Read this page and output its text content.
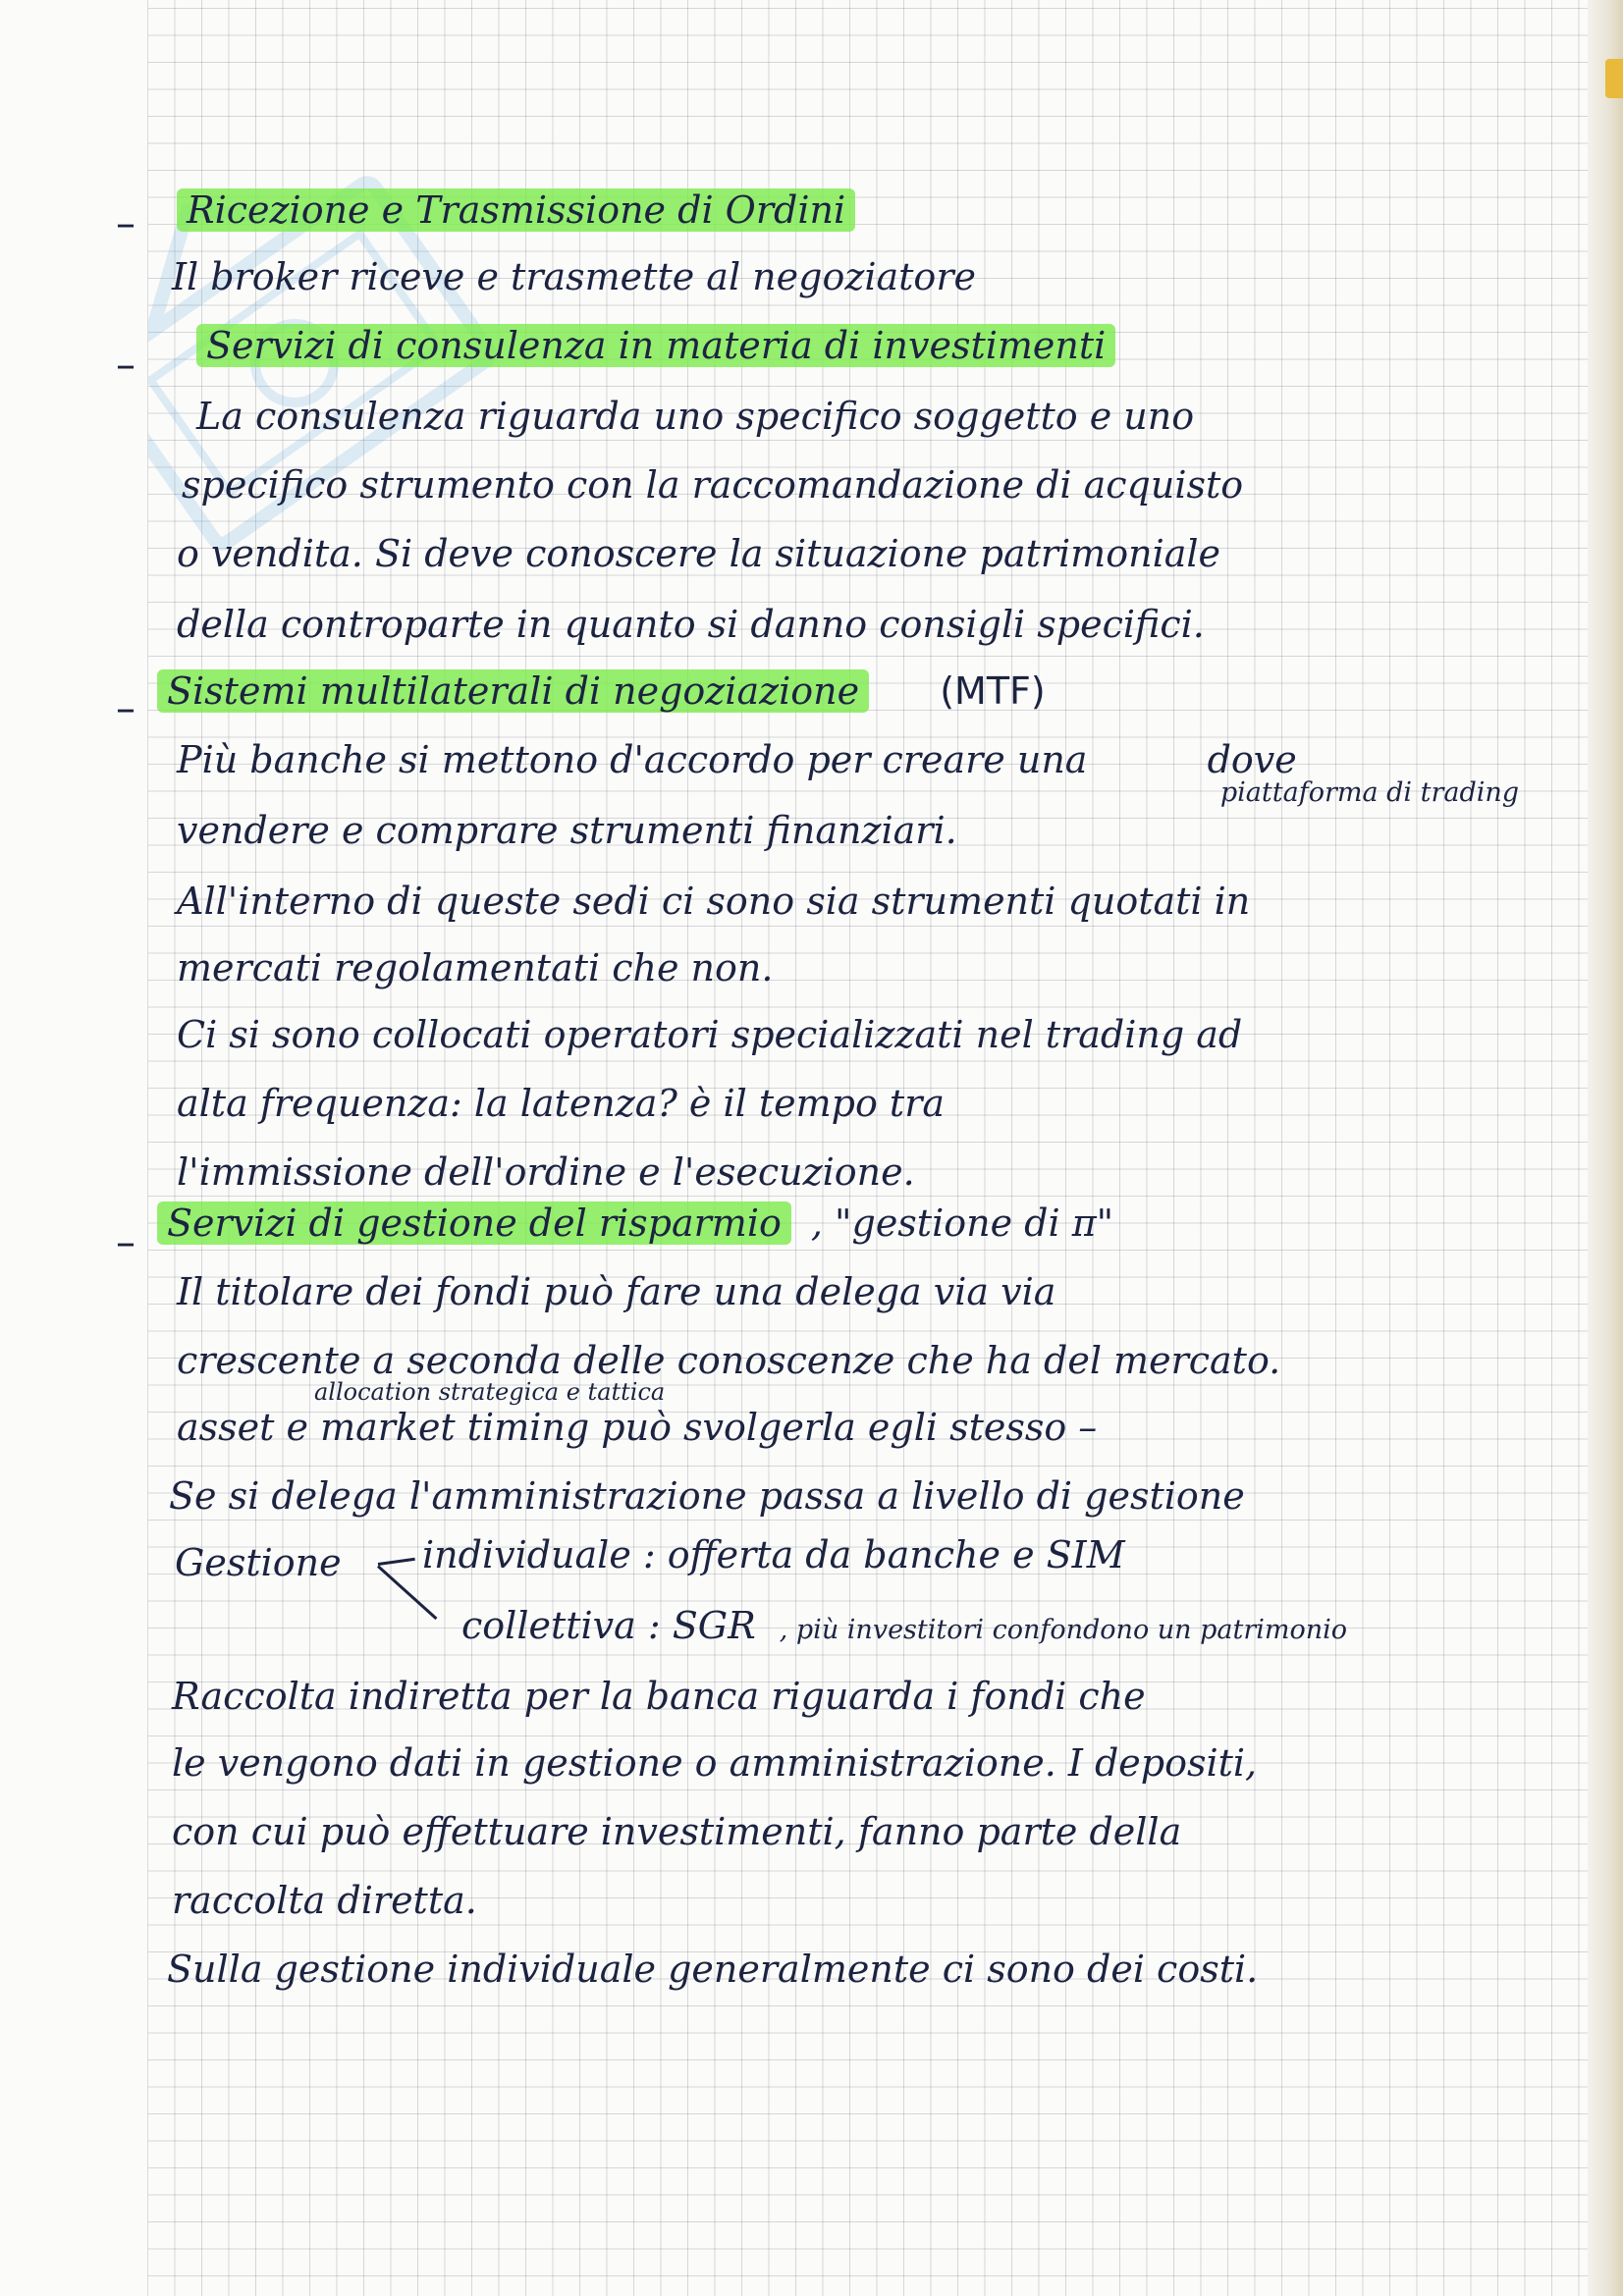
– Ricezione e Trasmissione di Ordini
Il broker riceve e trasmette al negoziatore
– Servizi di consulenza in materia di investimenti
La consulenza riguarda uno specifico soggetto e uno
specifico strumento con la raccomandazione di acquisto
o vendita. Si deve conoscere la situazione patrimoniale
della controparte in quanto si danno consigli specifici.
– Sistemi multilaterali di negoziazione (MTF)
Più banche si mettono d'accordo per creare una	dove
piattaforma di trading
vendere e comprare strumenti finanziari.
All'interno di queste sedi ci sono sia strumenti quotati in
mercati regolamentati che non.
Ci si sono collocati operatori specializzati nel trading ad
alta frequenza: la latenza? è il tempo tra
l'immissione dell'ordine e l'esecuzione.
– Servizi di gestione del risparmio , "gestione di π"
Il titolare dei fondi può fare una delega via via
crescente a seconda delle conoscenze che ha del mercato.
allocation strategica e tattica
asset e market timing può svolgerla egli stesso –
Se si delega l'amministrazione passa a livello di gestione
Gestione individuale : offerta da banche e SIM
collettiva : SGR , più investitori confondono un patrimonio
Raccolta indiretta per la banca riguarda i fondi che
le vengono dati in gestione o amministrazione. I depositi,
con cui può effettuare investimenti, fanno parte della
raccolta diretta.
Sulla gestione individuale generalmente ci sono dei costi.
